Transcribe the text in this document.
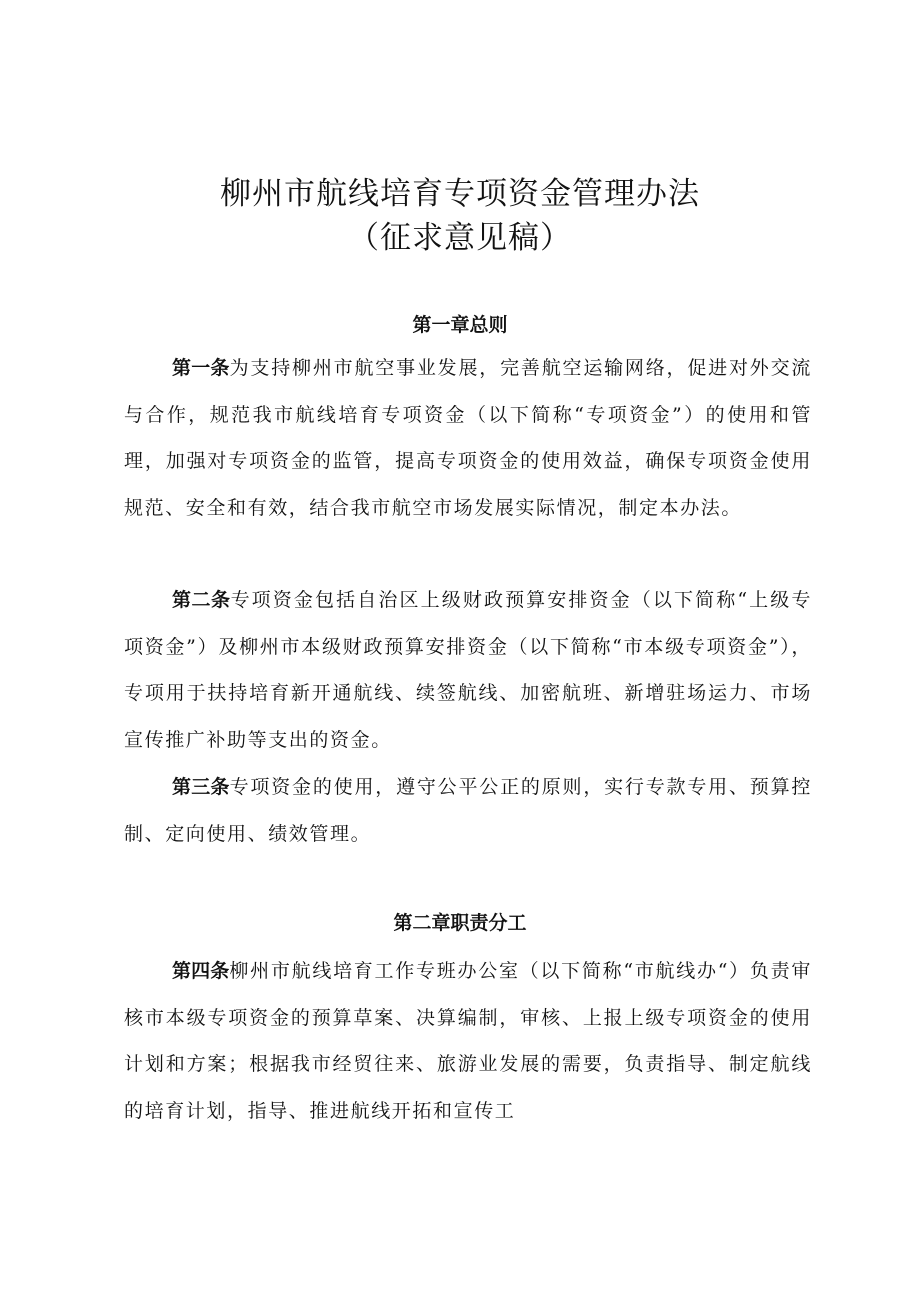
柳州市航线培育专项资金管理办法
（征求意见稿）
第一章总则

第一条为支持柳州市航空事业发展，完善航空运输网络，促进对外交流与合作，规范我市航线培育专项资金（以下简称“专项资金”）的使用和管理，加强对专项资金的监管，提高专项资金的使用效益，确保专项资金使用规范、安全和有效，结合我市航空市场发展实际情况，制定本办法。

第二条专项资金包括自治区上级财政预算安排资金（以下简称“上级专项资金”）及柳州市本级财政预算安排资金（以下简称“市本级专项资金”），专项用于扶持培育新开通航线、续签航线、加密航班、新增驻场运力、市场宣传推广补助等支出的资金。

第三条专项资金的使用，遵守公平公正的原则，实行专款专用、预算控制、定向使用、绩效管理。

第二章职责分工

第四条柳州市航线培育工作专班办公室（以下简称“市航线办“）负责审核市本级专项资金的预算草案、决算编制，审核、上报上级专项资金的使用计划和方案；根据我市经贸往来、旅游业发展的需要，负责指导、制定航线的培育计划，指导、推进航线开拓和宣传工
